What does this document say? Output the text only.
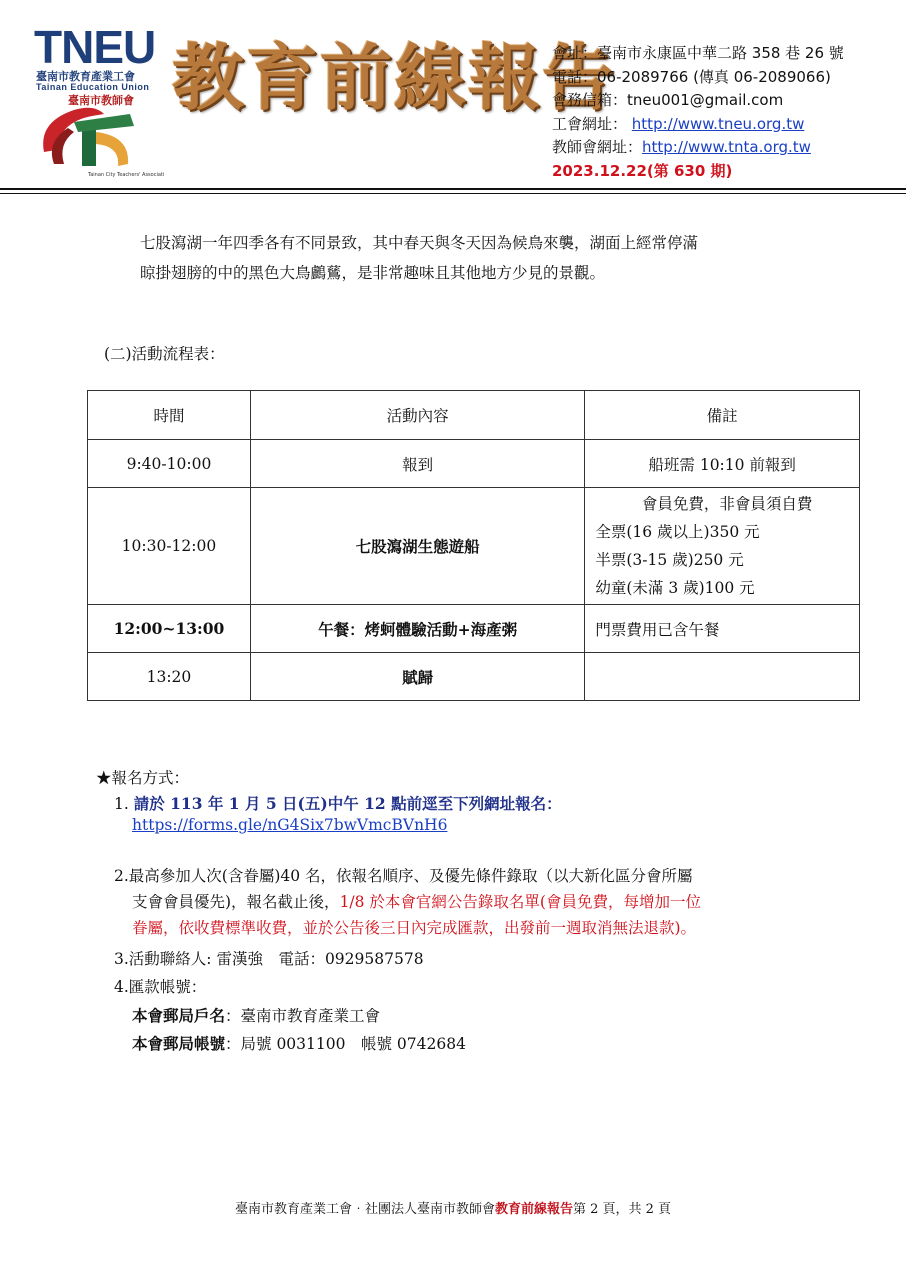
TNEU
臺南市教育產業工會
Tainan Education Union
Tainan City Teachers' Association
臺南市教師會 教育前線報告
會址：臺南市永康區中華二路 358 巷 26 號
電話：06-2089766 (傳真 06-2089066)
會務信箱：tneu001@gmail.com
工會網址： http://www.tneu.org.tw
教師會網址：http://www.tnta.org.tw
2023.12.22(第 630 期)
七股瀉湖一年四季各有不同景致，其中春天與冬天因為候鳥來襲，湖面上經常停滿
晾掛翅膀的中的黑色大鳥鸕鶿，是非常趣味且其他地方少見的景觀。
(二)活動流程表：
時間	活動內容	備註
9:40-10:00	報到	船班需 10:10 前報到
10:30-12:00	七股瀉湖生態遊船	會員免費，非會員須自費
全票(16 歲以上)350 元
半票(3-15 歲)250 元
幼童(未滿 3 歲)100 元

12:00~13:00	午餐：烤蚵體驗活動+海產粥	門票費用已含午餐
13:20	賦歸	
★報名方式：
1. 請於 113 年 1 月 5 日(五)中午 12 點前逕至下列網址報名：
https://forms.gle/nG4Six7bwVmcBVnH6
2.最高參加人次(含眷屬)40 名，依報名順序、及優先條件錄取（以大新化區分會所屬
支會會員優先)，報名截止後，1/8 於本會官網公告錄取名單(會員免費，每增加一位
眷屬，依收費標準收費，並於公告後三日內完成匯款，出發前一週取消無法退款)。
3.活動聯絡人: 雷漢強　電話：0929587578
4.匯款帳號：
本會郵局戶名：臺南市教育產業工會
本會郵局帳號：局號 0031100　帳號 0742684
臺南市教育產業工會‧社團法人臺南市教師會教育前線報告第 2 頁，共 2 頁
